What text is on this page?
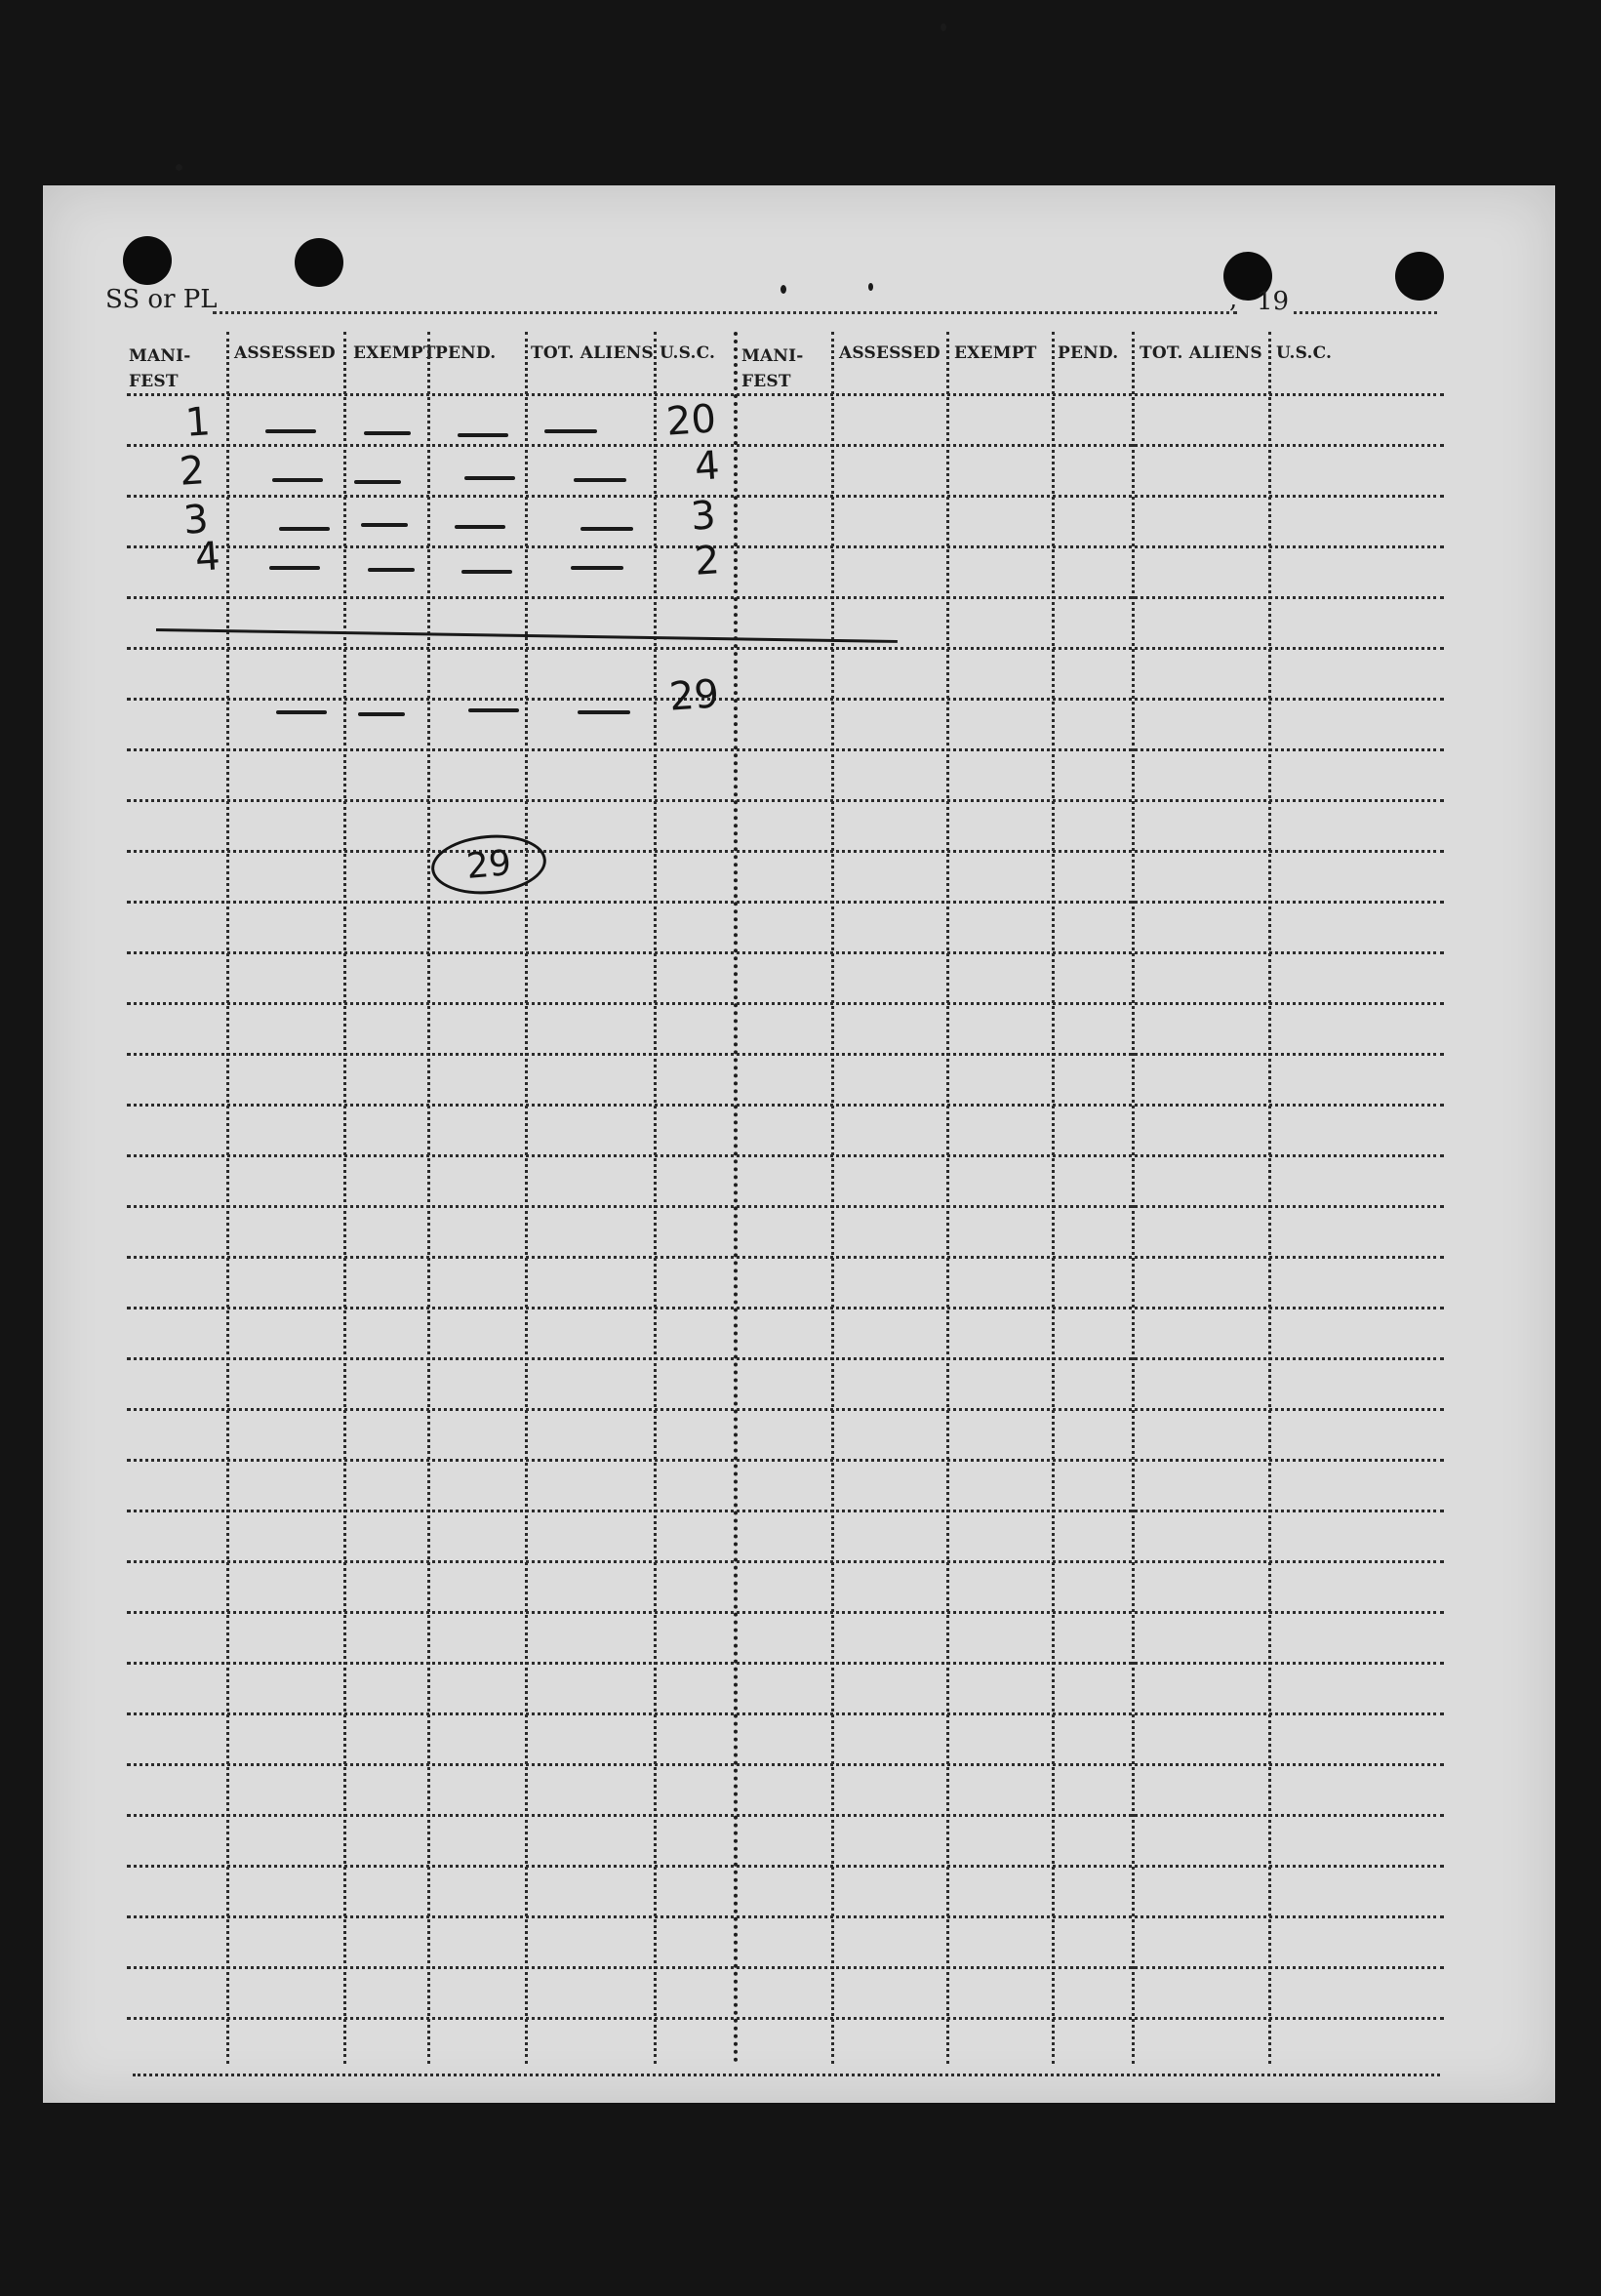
SS or PL	, 19
MANI-
FEST
ASSESSED EXEMPT PEND. TOT. ALIENS U.S.C. MANI-
FEST
ASSESSED EXEMPT PEND. TOT. ALIENS U.S.C.
1	20
2	4
3	3
4	2
29
29
